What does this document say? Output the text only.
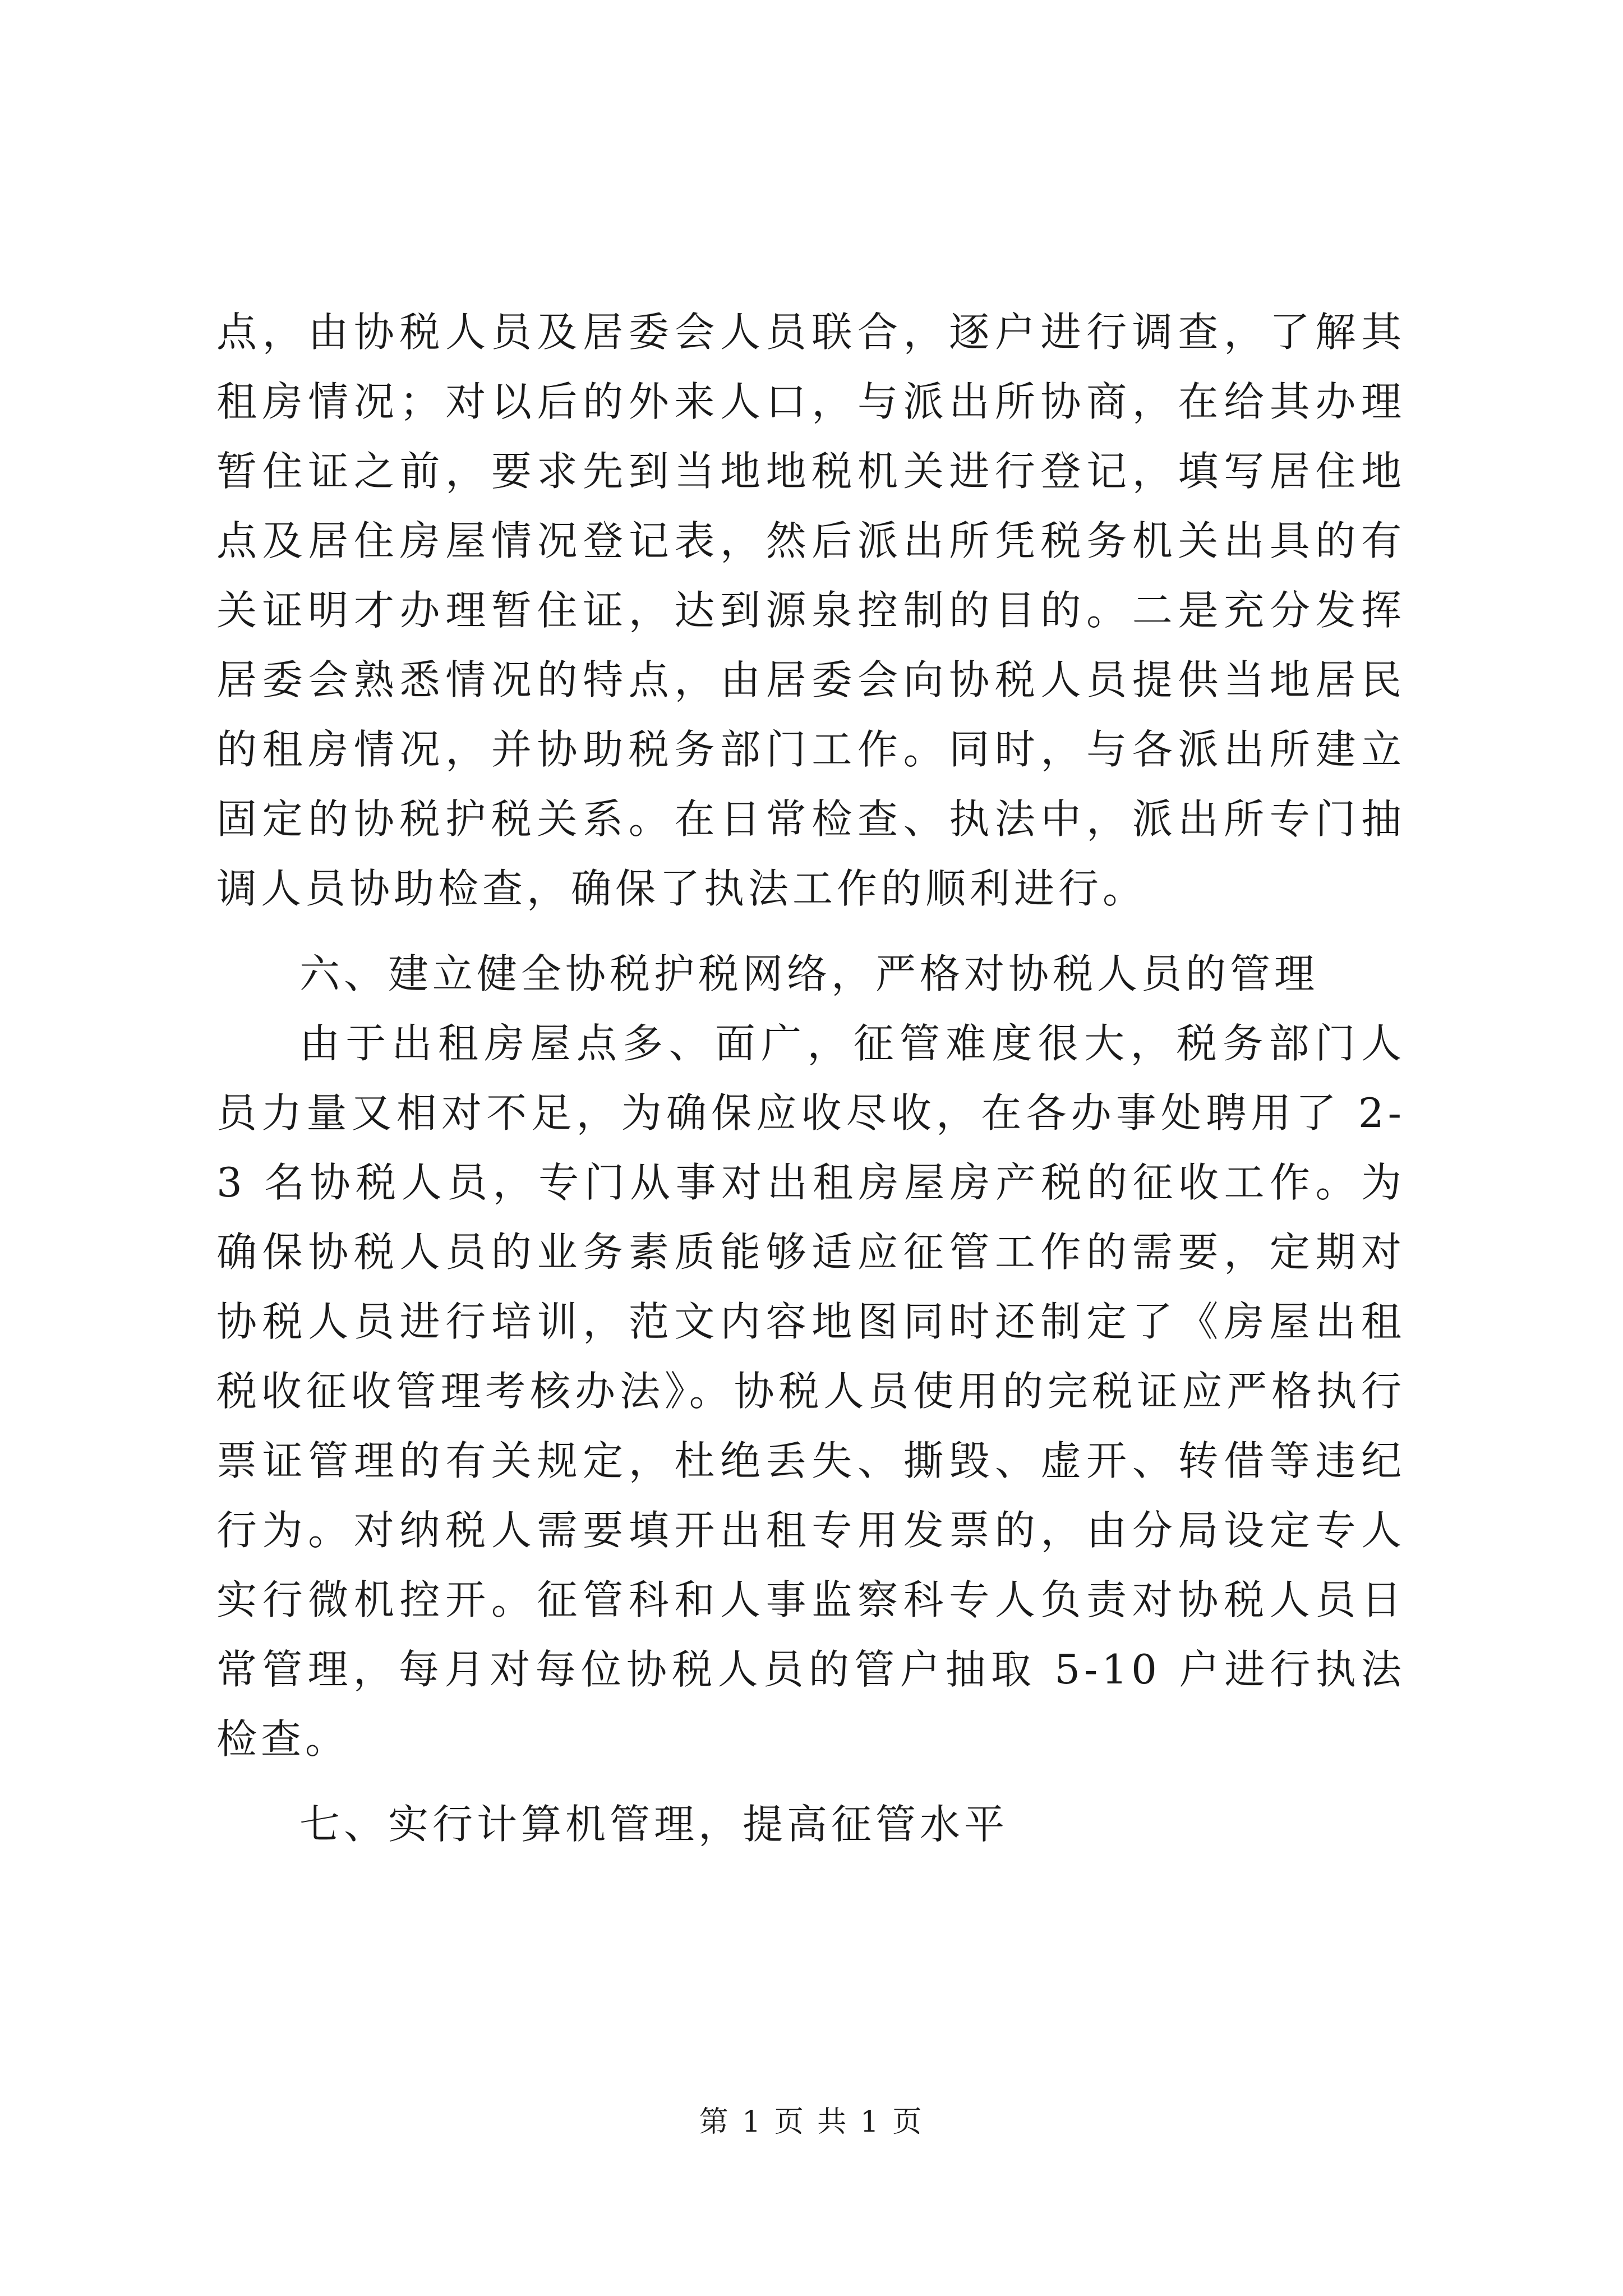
点，由协税人员及居委会人员联合，逐户进行调查，了解其租房情况；对以后的外来人口，与派出所协商，在给其办理暂住证之前，要求先到当地地税机关进行登记，填写居住地点及居住房屋情况登记表，然后派出所凭税务机关出具的有关证明才办理暂住证，达到源泉控制的目的。二是充分发挥居委会熟悉情况的特点，由居委会向协税人员提供当地居民的租房情况，并协助税务部门工作。同时，与各派出所建立固定的协税护税关系。在日常检查、执法中，派出所专门抽调人员协助检查，确保了执法工作的顺利进行。

六、建立健全协税护税网络，严格对协税人员的管理

由于出租房屋点多、面广，征管难度很大，税务部门人员力量又相对不足，为确保应收尽收，在各办事处聘用了 2-3 名协税人员，专门从事对出租房屋房产税的征收工作。为确保协税人员的业务素质能够适应征管工作的需要，定期对协税人员进行培训，范文内容地图同时还制定了《房屋出租税收征收管理考核办法》。协税人员使用的完税证应严格执行票证管理的有关规定，杜绝丢失、撕毁、虚开、转借等违纪行为。对纳税人需要填开出租专用发票的，由分局设定专人实行微机控开。征管科和人事监察科专人负责对协税人员日常管理，每月对每位协税人员的管户抽取 5-10 户进行执法检查。

七、实行计算机管理，提高征管水平

第 1 页 共 1 页
